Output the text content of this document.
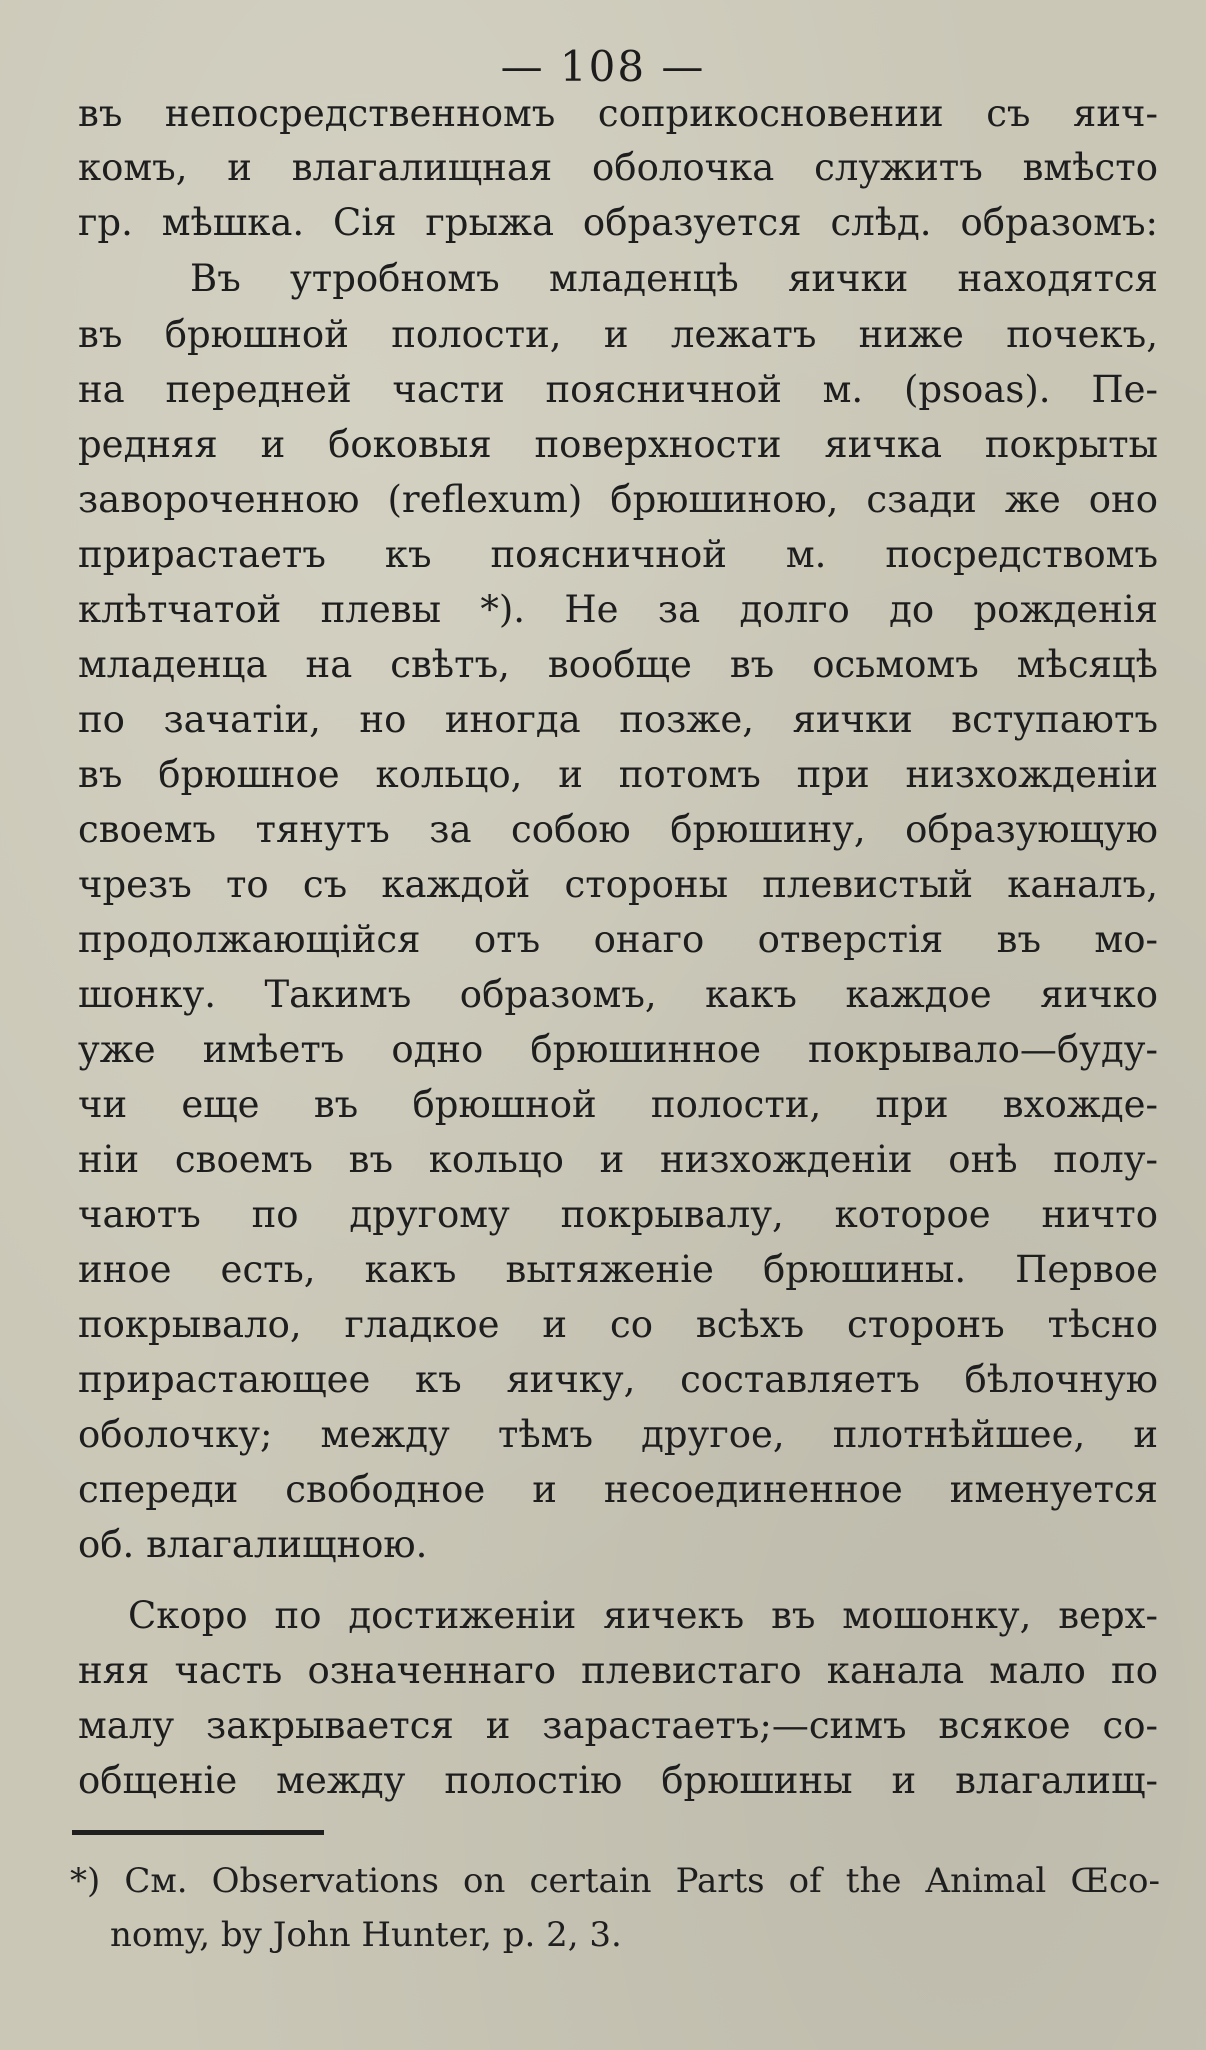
— 108 —
въ непосредственномъ соприкосновении съ яич-
комъ, и влагалищная оболочка служитъ вмѣсто
гр. мѣшка. Сія грыжа образуется слѣд. образомъ:
Въ утробномъ младенцѣ яички находятся
въ брюшной полости, и лежатъ ниже почекъ,
на передней части поясничной м. (psoas). Пе-
редняя и боковыя поверхности яичка покрыты
завороченною (reflexum) брюшиною, сзади же оно
прирастаетъ къ поясничной м. посредствомъ
клѣтчатой плевы *). Не за долго до рожденія
младенца на свѣтъ, вообще въ осьмомъ мѣсяцѣ
по зачатіи, но иногда позже, яички вступаютъ
въ брюшное кольцо, и потомъ при низхожденіи
своемъ тянутъ за собою брюшину, образующую
чрезъ то съ каждой стороны плевистый каналъ,
продолжающійся отъ онаго отверстія въ мо-
шонку. Такимъ образомъ, какъ каждое яичко
уже имѣетъ одно брюшинное покрывало—буду-
чи еще въ брюшной полости, при вхожде-
ніи своемъ въ кольцо и низхожденіи онѣ полу-
чаютъ по другому покрывалу, которое ничто
иное есть, какъ вытяженіе брюшины. Первое
покрывало, гладкое и со всѣхъ сторонъ тѣсно
прирастающее къ яичку, составляетъ бѣлочную
оболочку; между тѣмъ другое, плотнѣйшее, и
спереди свободное и несоединенное именуется
об. влагалищною.
Скоро по достиженіи яичекъ въ мошонку, верх-
няя часть означеннаго плевистаго канала мало по
малу закрывается и зарастаетъ;—симъ всякое со-
общеніе между полостію брюшины и влагалищ-
*) См. Observations on certain Parts of the Animal Œco-
nomy, by John Hunter, p. 2, 3.
